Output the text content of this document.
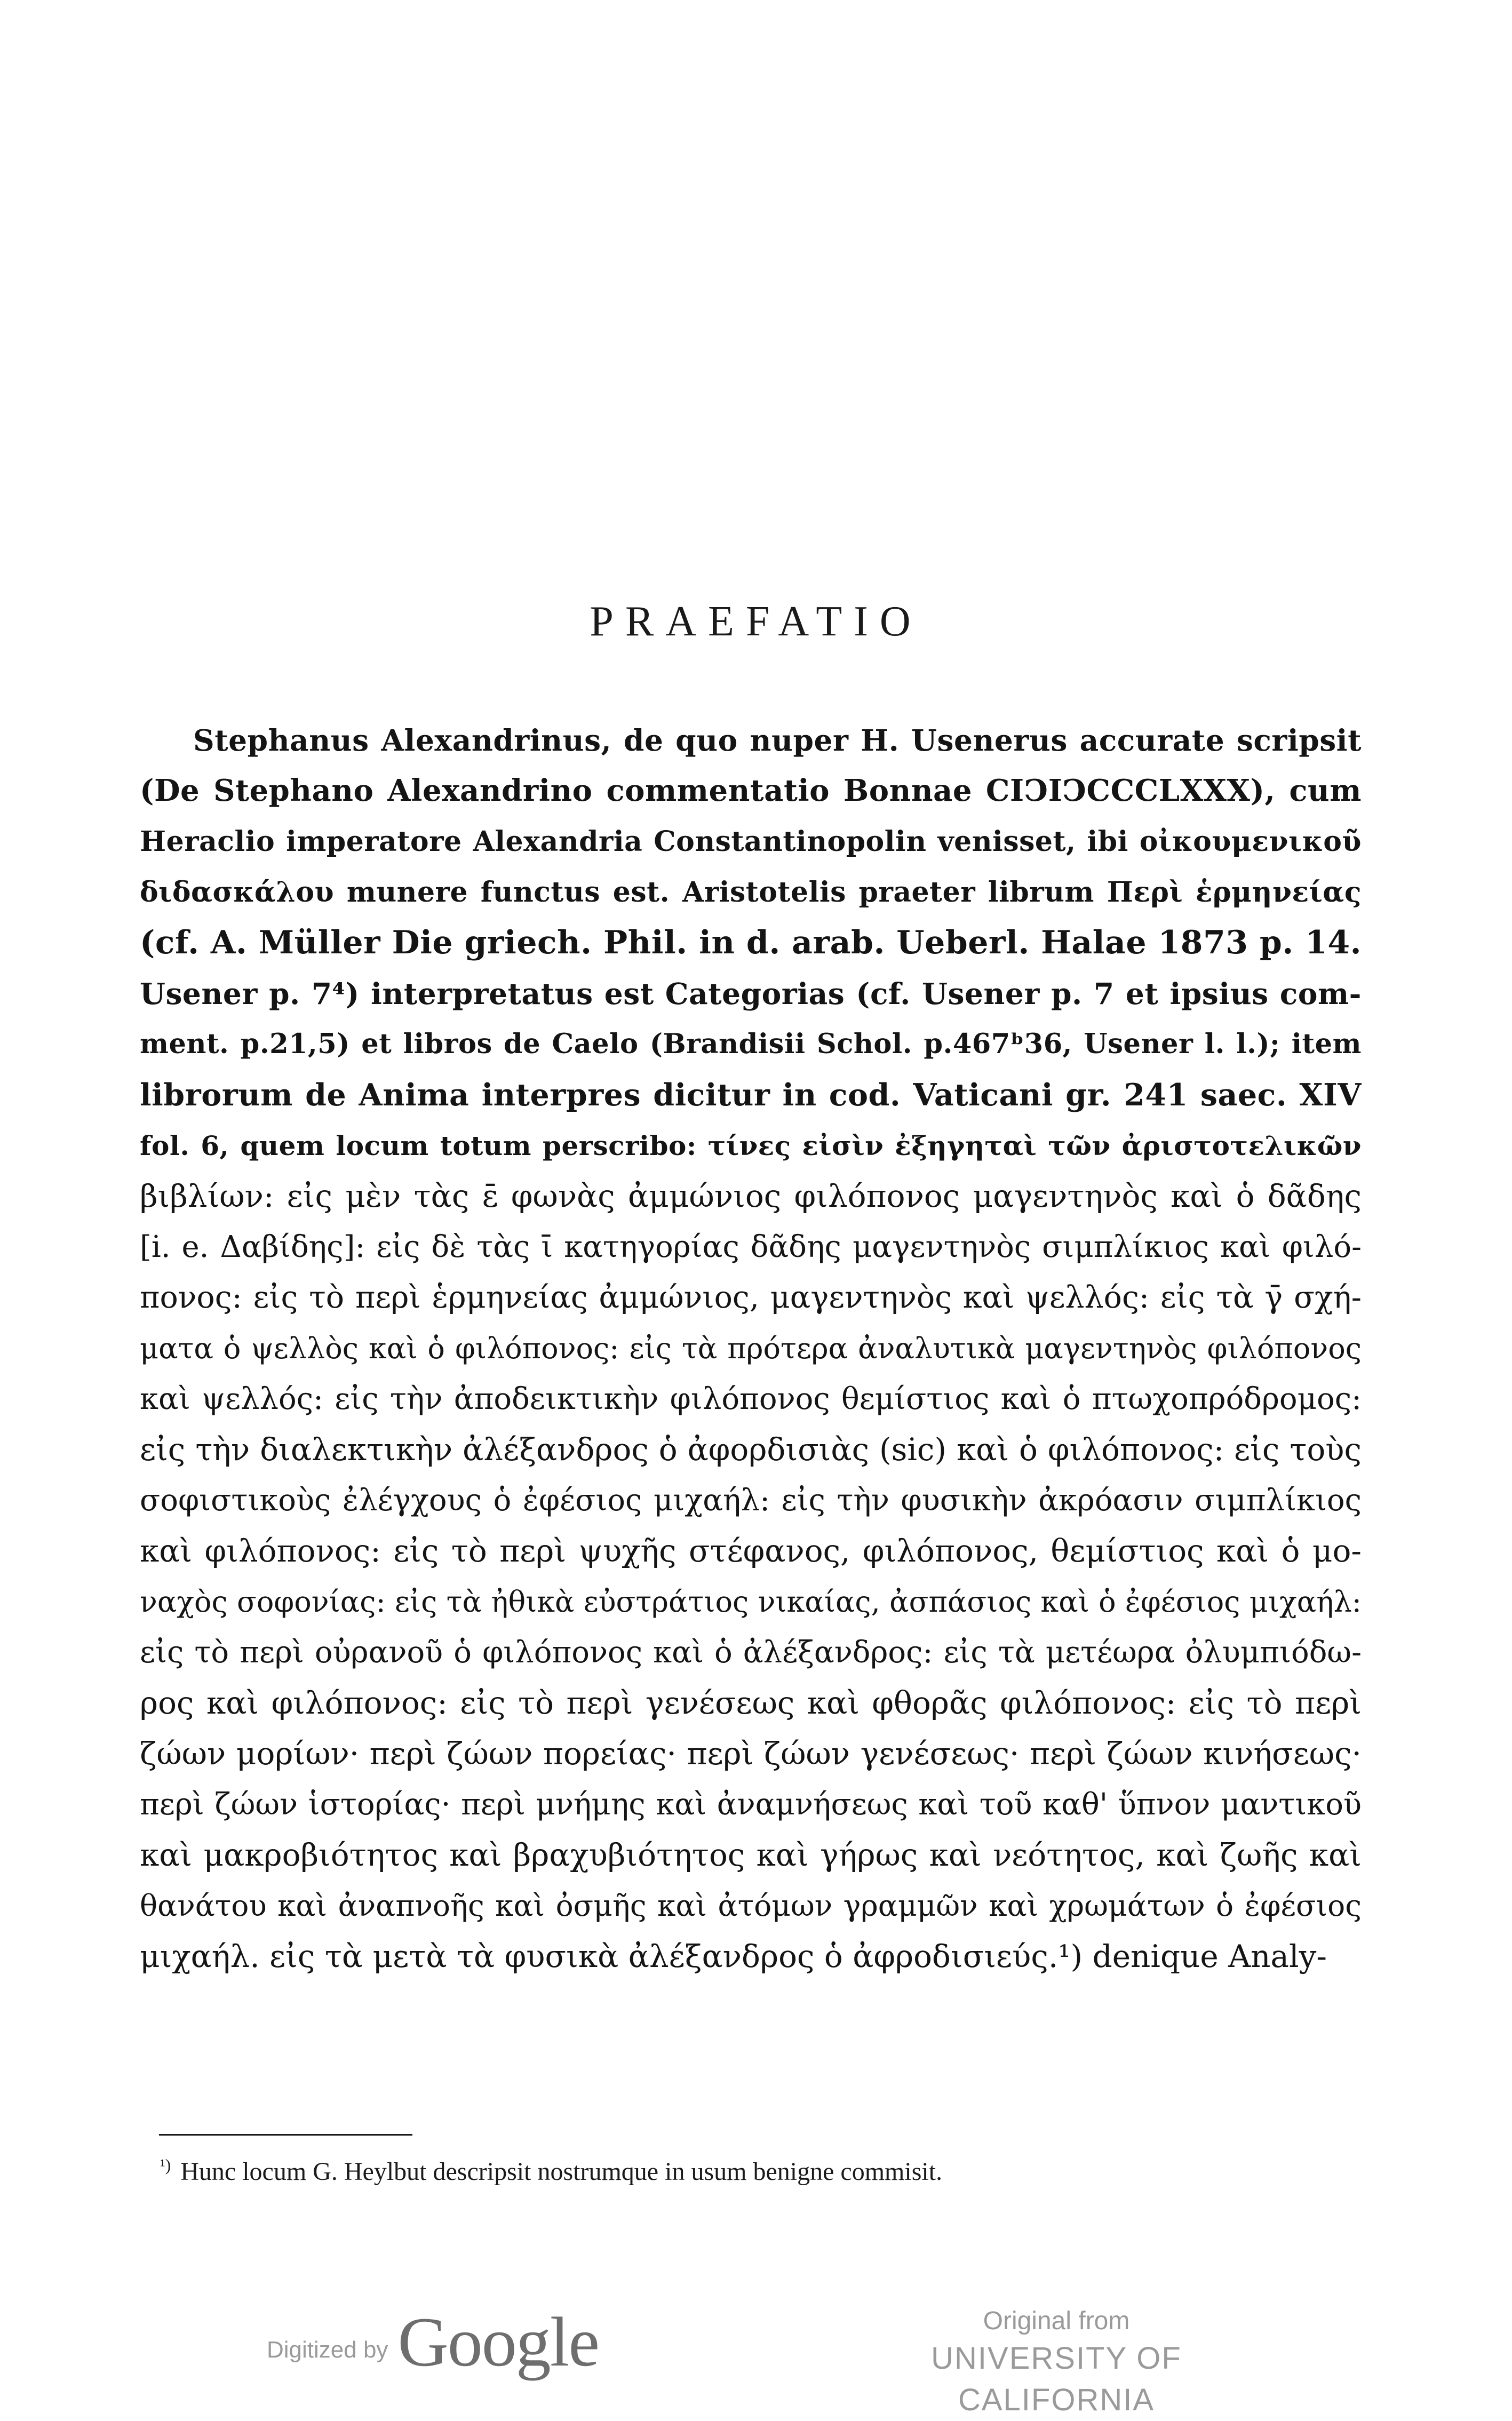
PRAEFATIO
Stephanus Alexandrinus, de quo nuper H. Usenerus accurate scripsit
(De Stephano Alexandrino commentatio Bonnae CIϽIϽCCCLXXX), cum
Heraclio imperatore Alexandria Constantinopolin venisset, ibi οἰκουμενικοῦ
διδασκάλου munere functus est. Aristotelis praeter librum Περὶ ἑρμηνείας
(cf. A. Müller Die griech. Phil. in d. arab. Ueberl. Halae 1873 p. 14.
Usener p. 7⁴) interpretatus est Categorias (cf. Usener p. 7 et ipsius com-
ment. p.21,5) et libros de Caelo (Brandisii Schol. p.467ᵇ36, Usener l. l.); item
librorum de Anima interpres dicitur in cod. Vaticani gr. 241 saec. XIV
fol. 6, quem locum totum perscribo: τίνες εἰσὶν ἐξηγηταὶ τῶν ἀριστοτελικῶν
βιβλίων: εἰς μὲν τὰς ε̄ φωνὰς ἀμμώνιος φιλόπονος μαγεντηνὸς καὶ ὁ δᾶδης
[i. e. Δαβίδης]: εἰς δὲ τὰς ῑ κατηγορίας δᾶδης μαγεντηνὸς σιμπλίκιος καὶ φιλό-
πονος: εἰς τὸ περὶ ἑρμηνείας ἀμμώνιος, μαγεντηνὸς καὶ ψελλός: εἰς τὰ γ̄ σχή-
ματα ὁ ψελλὸς καὶ ὁ φιλόπονος: εἰς τὰ πρότερα ἀναλυτικὰ μαγεντηνὸς φιλόπονος
καὶ ψελλός: εἰς τὴν ἀποδεικτικὴν φιλόπονος θεμίστιος καὶ ὁ πτωχοπρόδρομος:
εἰς τὴν διαλεκτικὴν ἀλέξανδρος ὁ ἀφορδισιὰς (sic) καὶ ὁ φιλόπονος: εἰς τοὺς
σοφιστικοὺς ἐλέγχους ὁ ἐφέσιος μιχαήλ: εἰς τὴν φυσικὴν ἀκρόασιν σιμπλίκιος
καὶ φιλόπονος: εἰς τὸ περὶ ψυχῆς στέφανος, φιλόπονος, θεμίστιος καὶ ὁ μο-
ναχὸς σοφονίας: εἰς τὰ ἠθικὰ εὐστράτιος νικαίας, ἀσπάσιος καὶ ὁ ἐφέσιος μιχαήλ:
εἰς τὸ περὶ οὐρανοῦ ὁ φιλόπονος καὶ ὁ ἀλέξανδρος: εἰς τὰ μετέωρα ὀλυμπιόδω-
ρος καὶ φιλόπονος: εἰς τὸ περὶ γενέσεως καὶ φθορᾶς φιλόπονος: εἰς τὸ περὶ
ζώων μορίων· περὶ ζώων πορείας· περὶ ζώων γενέσεως· περὶ ζώων κινήσεως·
περὶ ζώων ἱστορίας· περὶ μνήμης καὶ ἀναμνήσεως καὶ τοῦ καθ' ὕπνον μαντικοῦ
καὶ μακροβιότητος καὶ βραχυβιότητος καὶ γήρως καὶ νεότητος, καὶ ζωῆς καὶ
θανάτου καὶ ἀναπνοῆς καὶ ὀσμῆς καὶ ἀτόμων γραμμῶν καὶ χρωμάτων ὁ ἐφέσιος
μιχαήλ. εἰς τὰ μετὰ τὰ φυσικὰ ἀλέξανδρος ὁ ἀφροδισιεύς.¹) denique Analy-
$^{^1)}$ Hunc locum G. Heylbut descripsit nostrumque in usum benigne commisit.
Digitized by Google	Original from
UNIVERSITY OF CALIFORNIA
